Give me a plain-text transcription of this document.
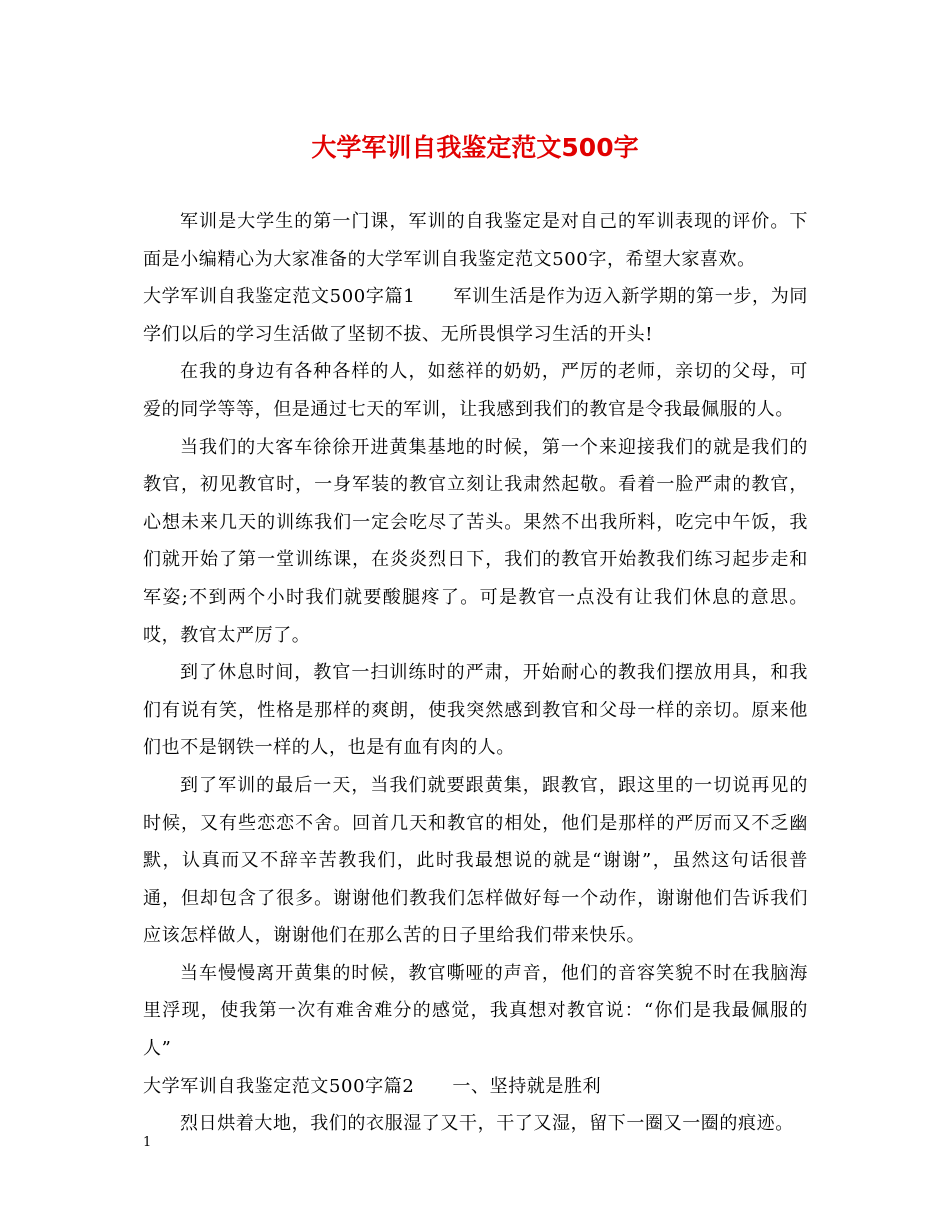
大学军训自我鉴定范文500字

军训是大学生的第一门课，军训的自我鉴定是对自己的军训表现的评价。下面是小编精心为大家准备的大学军训自我鉴定范文500字，希望大家喜欢。

大学军训自我鉴定范文500字篇1 军训生活是作为迈入新学期的第一步，为同学们以后的学习生活做了坚韧不拔、无所畏惧学习生活的开头!

在我的身边有各种各样的人，如慈祥的奶奶，严厉的老师，亲切的父母，可爱的同学等等，但是通过七天的军训，让我感到我们的教官是令我最佩服的人。

当我们的大客车徐徐开进黄集基地的时候，第一个来迎接我们的就是我们的教官，初见教官时，一身军装的教官立刻让我肃然起敬。看着一脸严肃的教官，心想未来几天的训练我们一定会吃尽了苦头。果然不出我所料，吃完中午饭，我们就开始了第一堂训练课，在炎炎烈日下，我们的教官开始教我们练习起步走和军姿;不到两个小时我们就要酸腿疼了。可是教官一点没有让我们休息的意思。哎，教官太严厉了。

到了休息时间，教官一扫训练时的严肃，开始耐心的教我们摆放用具，和我们有说有笑，性格是那样的爽朗，使我突然感到教官和父母一样的亲切。原来他们也不是钢铁一样的人，也是有血有肉的人。

到了军训的最后一天，当我们就要跟黄集，跟教官，跟这里的一切说再见的时候，又有些恋恋不舍。回首几天和教官的相处，他们是那样的严厉而又不乏幽默，认真而又不辞辛苦教我们，此时我最想说的就是“谢谢”，虽然这句话很普通，但却包含了很多。谢谢他们教我们怎样做好每一个动作，谢谢他们告诉我们应该怎样做人，谢谢他们在那么苦的日子里给我们带来快乐。

当车慢慢离开黄集的时候，教官嘶哑的声音，他们的音容笑貌不时在我脑海里浮现，使我第一次有难舍难分的感觉，我真想对教官说：“你们是我最佩服的人”

大学军训自我鉴定范文500字篇2 一、坚持就是胜利

烈日烘着大地，我们的衣服湿了又干，干了又湿，留下一圈又一圈的痕迹。

1
